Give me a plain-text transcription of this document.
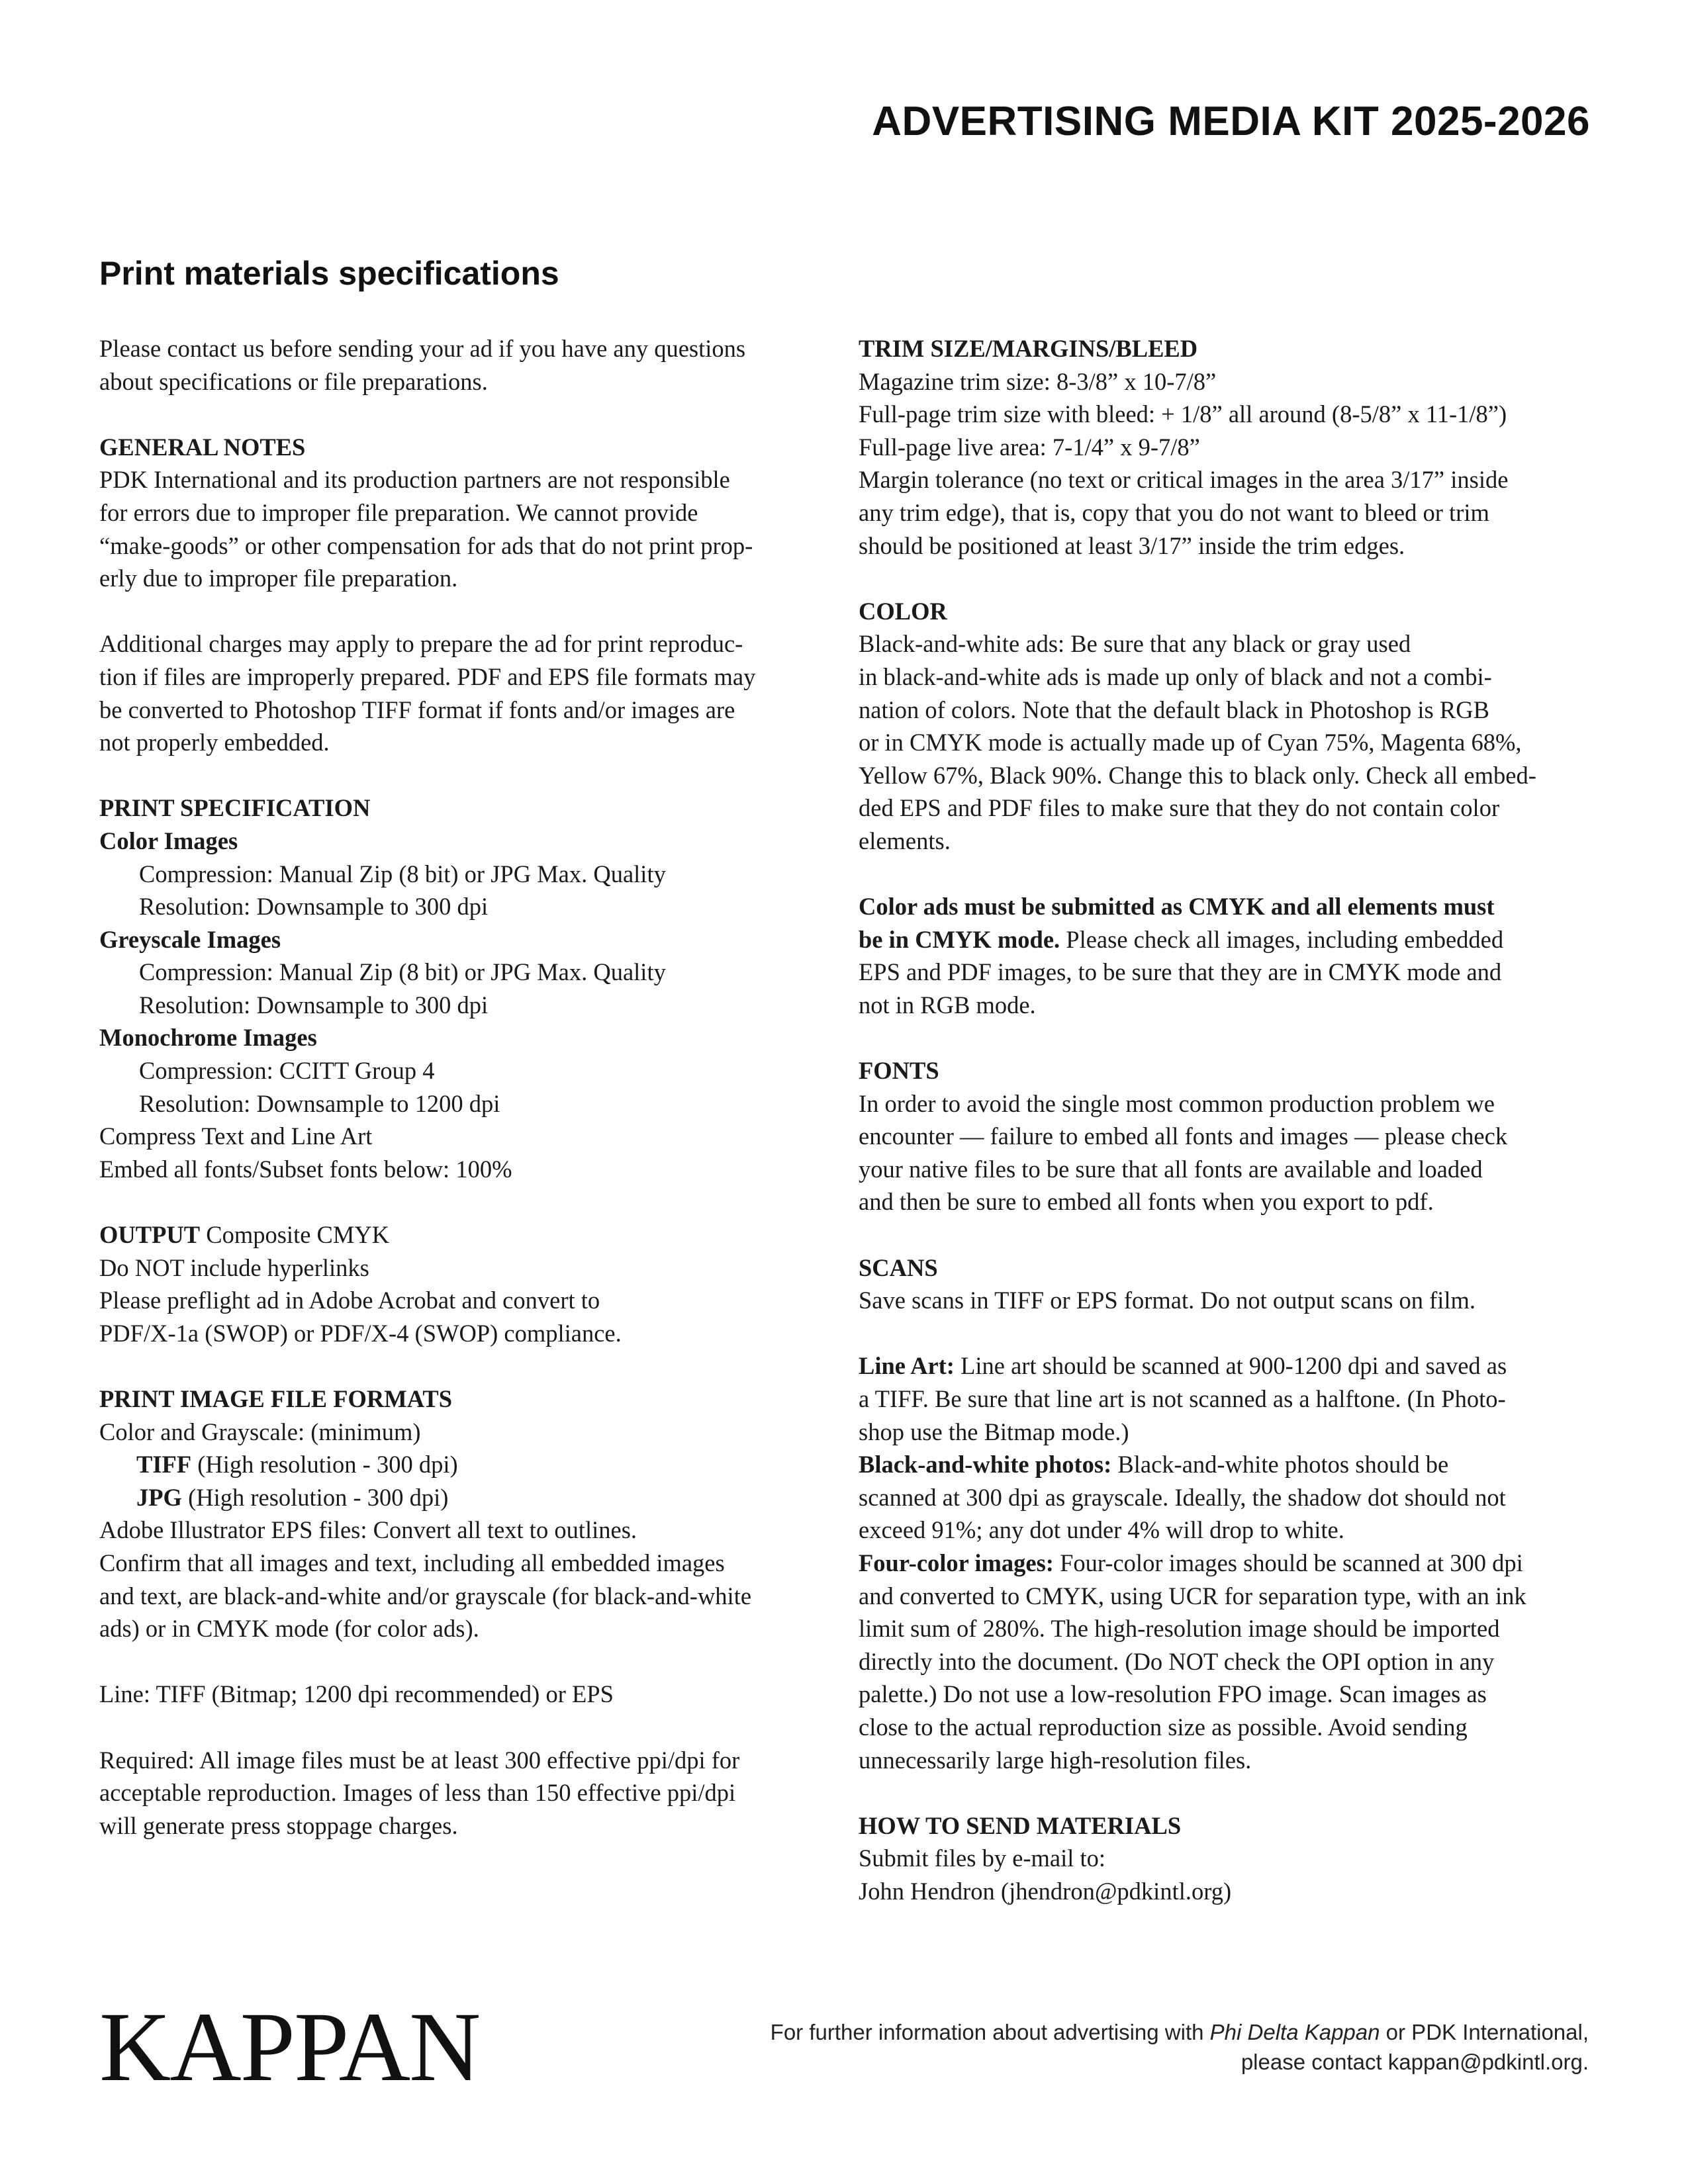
ADVERTISING MEDIA KIT 2025-2026
Print materials specifications
Please contact us before sending your ad if you have any questions
about specifications or file preparations.
GENERAL NOTES
PDK International and its production partners are not responsible
for errors due to improper file preparation. We cannot provide
“make-goods” or other compensation for ads that do not print prop-
erly due to improper file preparation.
Additional charges may apply to prepare the ad for print reproduc-
tion if files are improperly prepared. PDF and EPS file formats may
be converted to Photoshop TIFF format if fonts and/or images are
not properly embedded.
PRINT SPECIFICATION
Color Images
Compression: Manual Zip (8 bit) or JPG Max. Quality
Resolution: Downsample to 300 dpi
Greyscale Images
Compression: Manual Zip (8 bit) or JPG Max. Quality
Resolution: Downsample to 300 dpi
Monochrome Images
Compression: CCITT Group 4
Resolution: Downsample to 1200 dpi
Compress Text and Line Art
Embed all fonts/Subset fonts below: 100%
OUTPUT Composite CMYK
Do NOT include hyperlinks
Please preflight ad in Adobe Acrobat and convert to
PDF/X-1a (SWOP) or PDF/X-4 (SWOP) compliance.
PRINT IMAGE FILE FORMATS
Color and Grayscale: (minimum)
TIFF (High resolution - 300 dpi)
JPG (High resolution - 300 dpi)
Adobe Illustrator EPS files: Convert all text to outlines.
Confirm that all images and text, including all embedded images
and text, are black-and-white and/or grayscale (for black-and-white
ads) or in CMYK mode (for color ads).
Line: TIFF (Bitmap; 1200 dpi recommended) or EPS
Required: All image files must be at least 300 effective ppi/dpi for
acceptable reproduction. Images of less than 150 effective ppi/dpi
will generate press stoppage charges.
TRIM SIZE/MARGINS/BLEED
Magazine trim size: 8-3/8” x 10-7/8”
Full-page trim size with bleed: + 1/8” all around (8-5/8” x 11-1/8”)
Full-page live area: 7-1/4” x 9-7/8”
Margin tolerance (no text or critical images in the area 3/17” inside
any trim edge), that is, copy that you do not want to bleed or trim
should be positioned at least 3/17” inside the trim edges.
COLOR
Black-and-white ads: Be sure that any black or gray used
in black-and-white ads is made up only of black and not a combi-
nation of colors. Note that the default black in Photoshop is RGB
or in CMYK mode is actually made up of Cyan 75%, Magenta 68%,
Yellow 67%, Black 90%. Change this to black only. Check all embed-
ded EPS and PDF files to make sure that they do not contain color
elements.
Color ads must be submitted as CMYK and all elements must
be in CMYK mode. Please check all images, including embedded
EPS and PDF images, to be sure that they are in CMYK mode and
not in RGB mode.
FONTS
In order to avoid the single most common production problem we
encounter — failure to embed all fonts and images — please check
your native files to be sure that all fonts are available and loaded
and then be sure to embed all fonts when you export to pdf.
SCANS
Save scans in TIFF or EPS format. Do not output scans on film.
Line Art: Line art should be scanned at 900-1200 dpi and saved as
a TIFF. Be sure that line art is not scanned as a halftone. (In Photo-
shop use the Bitmap mode.)
Black-and-white photos: Black-and-white photos should be
scanned at 300 dpi as grayscale. Ideally, the shadow dot should not
exceed 91%; any dot under 4% will drop to white.
Four-color images: Four-color images should be scanned at 300 dpi
and converted to CMYK, using UCR for separation type, with an ink
limit sum of 280%. The high-resolution image should be imported
directly into the document. (Do NOT check the OPI option in any
palette.) Do not use a low-resolution FPO image. Scan images as
close to the actual reproduction size as possible. Avoid sending
unnecessarily large high-resolution files.
HOW TO SEND MATERIALS
Submit files by e-mail to:
John Hendron (jhendron@pdkintl.org)
KAPPAN	For further information about advertising with Phi Delta Kappan or PDK International,
please contact kappan@pdkintl.org.
